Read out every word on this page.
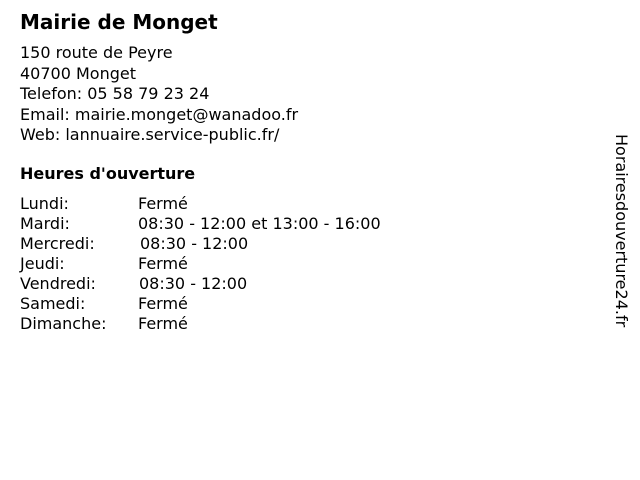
Mairie de Monget
150 route de Peyre
40700 Monget
Telefon: 05 58 79 23 24
Email: mairie.monget@wanadoo.fr
Web: lannuaire.service-public.fr/
Heures d'ouverture
Lundi:	Fermé
Mardi:	08:30 - 12:00 et 13:00 - 16:00
Mercredi:	08:30 - 12:00
Jeudi:	Fermé
Vendredi:	08:30 - 12:00
Samedi:	Fermé
Dimanche: Fermé	Horairesdouverture24.fr
